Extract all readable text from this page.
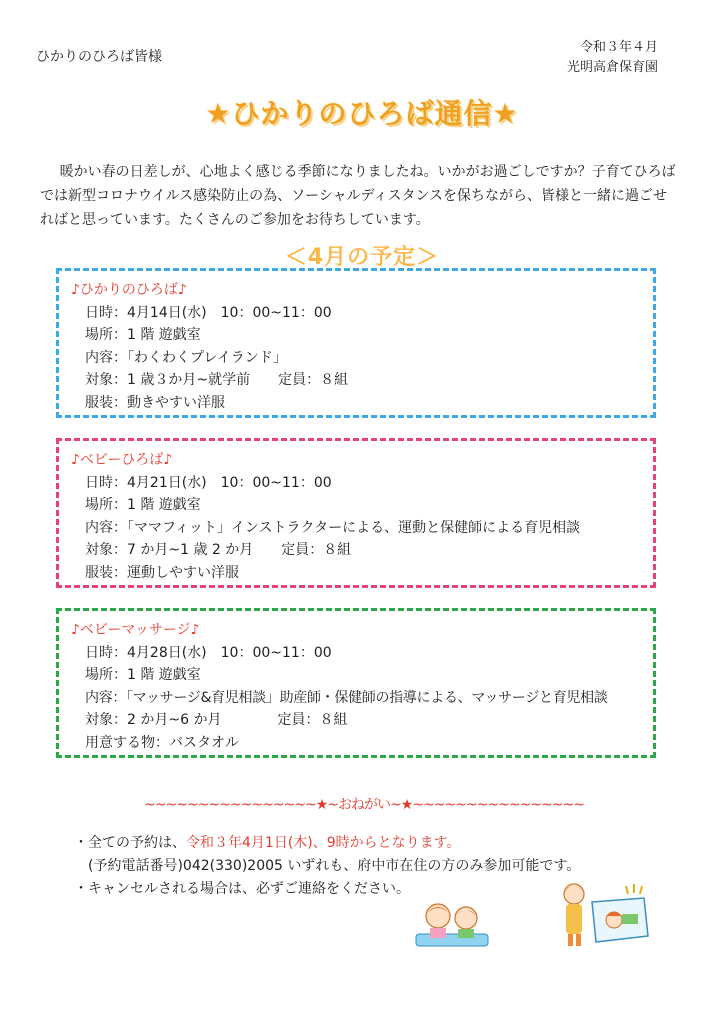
ひかりのひろば皆様
令和３年４月
光明高倉保育園
★ひかりのひろば通信★
暖かい春の日差しが、心地よく感じる季節になりましたね。いかがお過ごしですか？子育てひろばでは新型コロナウイルス感染防止の為、ソーシャルディスタンスを保ちながら、皆様と一緒に過ごせればと思っています。たくさんのご参加をお待ちしています。
＜4月の予定＞
♪ひかりのひろば♪
日時：4月14日(水)　10：00~11：00
場所：1 階 遊戯室
内容：「わくわくプレイランド」
対象：1 歳３か月~就学前 定員：８組
服装：動きやすい洋服
♪ベビーひろば♪
日時：4月21日(水)　10：00~11：00
場所：1 階 遊戯室
内容：「ママフィット」インストラクターによる、運動と保健師による育児相談
対象：7 か月~1 歳 2 か月 定員：８組
服装：運動しやすい洋服
♪ベビーマッサージ♪
日時：4月28日(水)　10：00~11：00
場所：1 階 遊戯室
内容：「マッサージ&育児相談」助産師・保健師の指導による、マッサージと育児相談
対象：2 か月~6 か月	定員：８組
用意する物：バスタオル
~~~~~~~~~~~~~~~~★~おねがい~★~~~~~~~~~~~~~~~~
・全ての予約は、令和３年4月1日(木)、9時からとなります。
(予約電話番号)042(330)2005 いずれも、府中市在住の方のみ参加可能です。
・キャンセルされる場合は、必ずご連絡をください。
